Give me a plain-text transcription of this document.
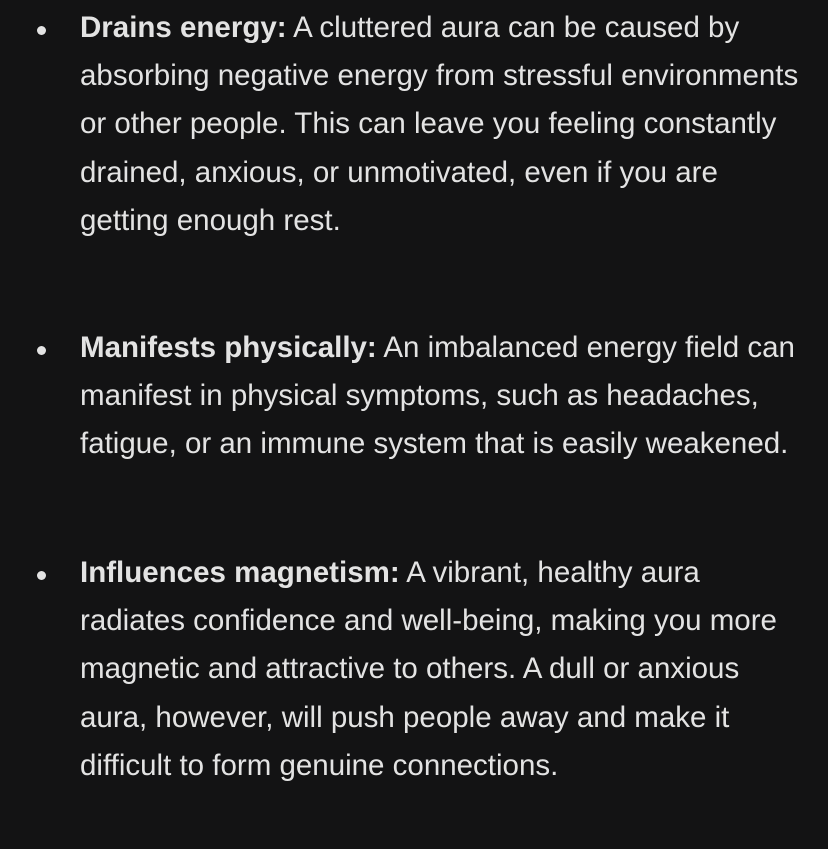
Drains energy: A cluttered aura can be caused by absorbing negative energy from stressful environments or other people. This can leave you feeling constantly drained, anxious, or unmotivated, even if you are getting enough rest.

Manifests physically: An imbalanced energy field can manifest in physical symptoms, such as headaches, fatigue, or an immune system that is easily weakened.

Influences magnetism: A vibrant, healthy aura radiates confidence and well-being, making you more magnetic and attractive to others. A dull or anxious aura, however, will push people away and make it difficult to form genuine connections.
